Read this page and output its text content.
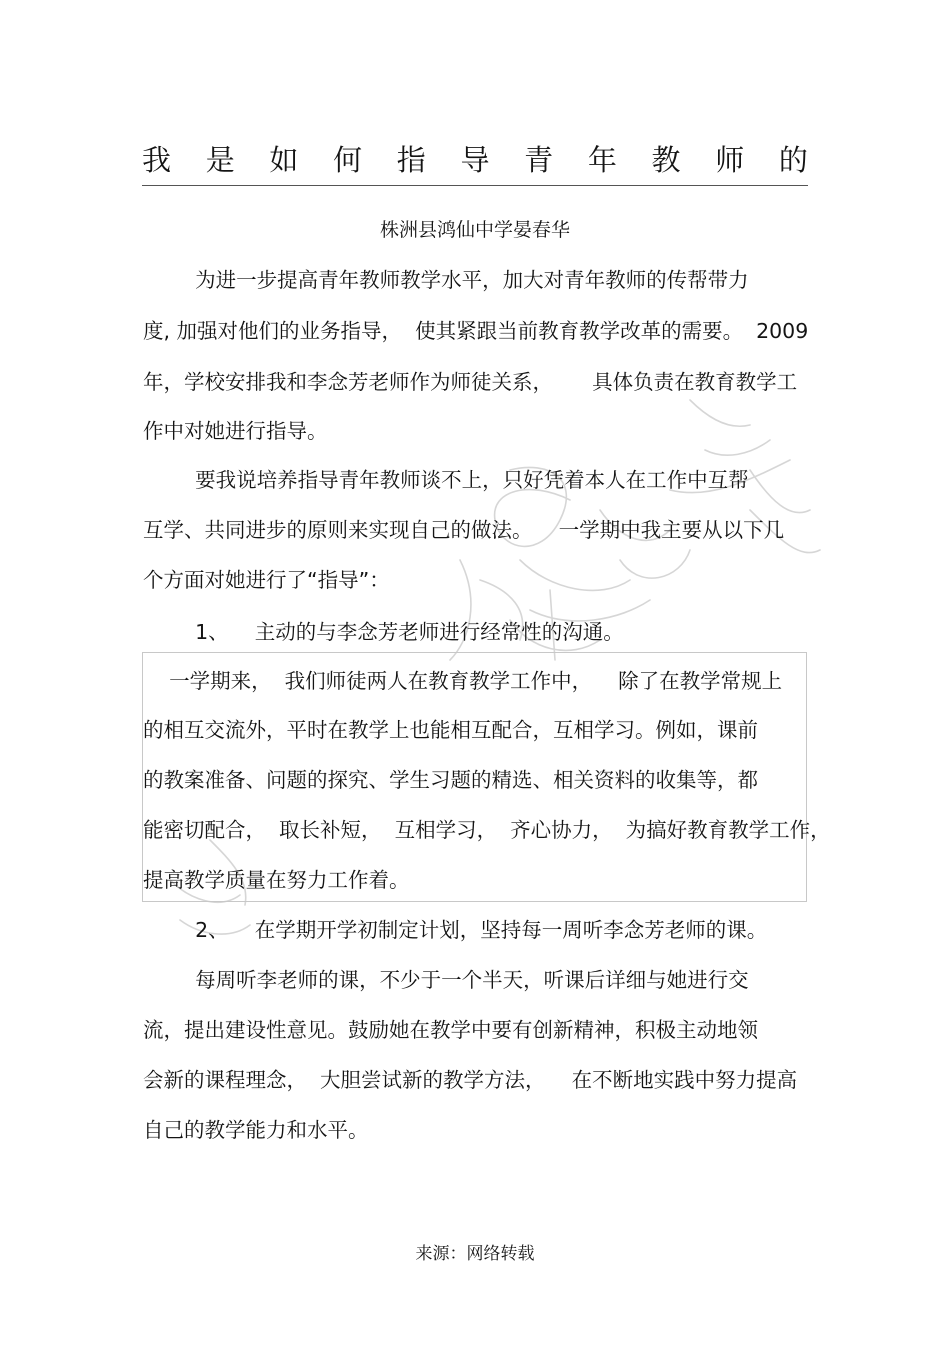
我 是 如 何 指 导 青 年 教 师 的
株洲县鸿仙中学晏春华
为进一步提高青年教师教学水平，加大对青年教师的传帮带力
度, 加强对他们的业务指导，  使其紧跟当前教育教学改革的需要。  2009
年，学校安排我和李念芳老师作为师徒关系，      具体负责在教育教学工
作中对她进行指导。
要我说培养指导青年教师谈不上，只好凭着本人在工作中互帮
互学、共同进步的原则来实现自己的做法。    一学期中我主要从以下几
个方面对她进行了“指导”：
1、    主动的与李念芳老师进行经常性的沟通。
一学期来，  我们师徒两人在教育教学工作中，    除了在教学常规上
的相互交流外，平时在教学上也能相互配合，互相学习。例如，课前
的教案准备、问题的探究、学生习题的精选、相关资料的收集等，都
能密切配合，  取长补短，  互相学习，  齐心协力，  为搞好教育教学工作，
提高教学质量在努力工作着。
2、    在学期开学初制定计划，坚持每一周听李念芳老师的课。
每周听李老师的课，不少于一个半天，听课后详细与她进行交
流，提出建设性意见。鼓励她在教学中要有创新精神，积极主动地领
会新的课程理念，  大胆尝试新的教学方法，    在不断地实践中努力提高
自己的教学能力和水平。
来源：网络转载
